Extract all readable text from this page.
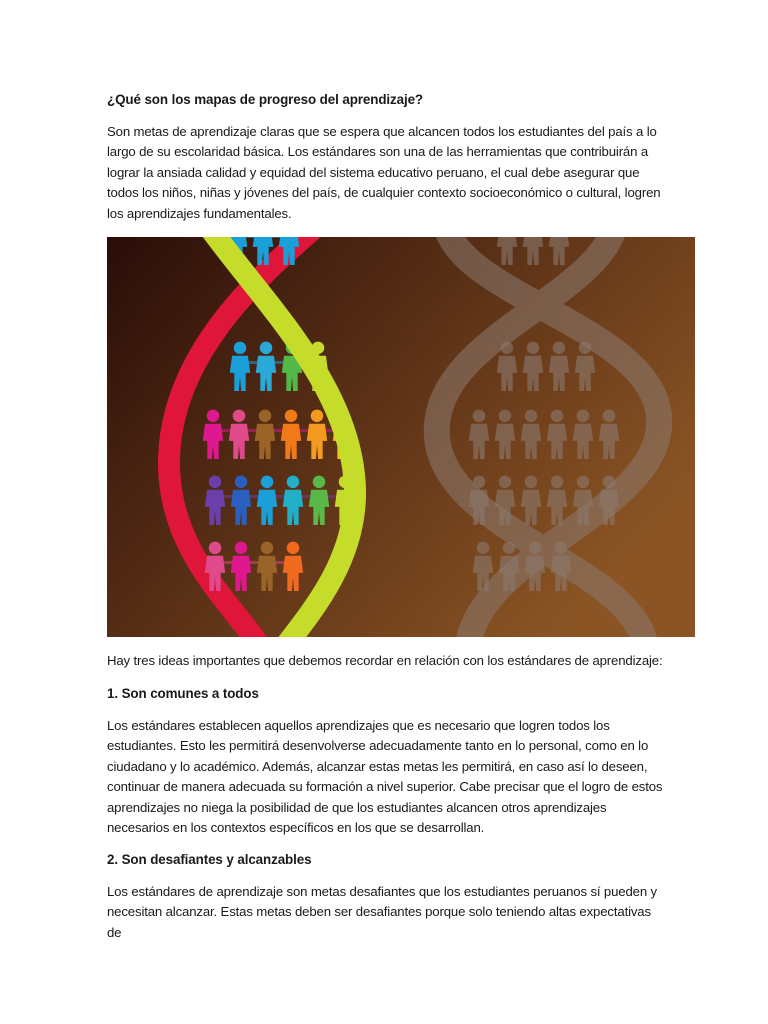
¿Qué son los mapas de progreso del aprendizaje?

Son metas de aprendizaje claras que se espera que alcancen todos los estudiantes del país a lo largo de su escolaridad básica. Los estándares son una de las herramientas que contribuirán a lograr la ansiada calidad y equidad del sistema educativo peruano, el cual debe asegurar que todos los niños, niñas y jóvenes del país, de cualquier contexto socioeconómico o cultural, logren los aprendizajes fundamentales.

Hay tres ideas importantes que debemos recordar en relación con los estándares de aprendizaje:

1. Son comunes a todos

Los estándares establecen aquellos aprendizajes que es necesario que logren todos los estudiantes. Esto les permitirá desenvolverse adecuadamente tanto en lo personal, como en lo ciudadano y lo académico. Además, alcanzar estas metas les permitirá, en caso así lo deseen, continuar de manera adecuada su formación a nivel superior. Cabe precisar que el logro de estos aprendizajes no niega la posibilidad de que los estudiantes alcancen otros aprendizajes necesarios en los contextos específicos en los que se desarrollan.

2. Son desafiantes y alcanzables

Los estándares de aprendizaje son metas desafiantes que los estudiantes peruanos sí pueden y necesitan alcanzar. Estas metas deben ser desafiantes porque solo teniendo altas expectativas de
